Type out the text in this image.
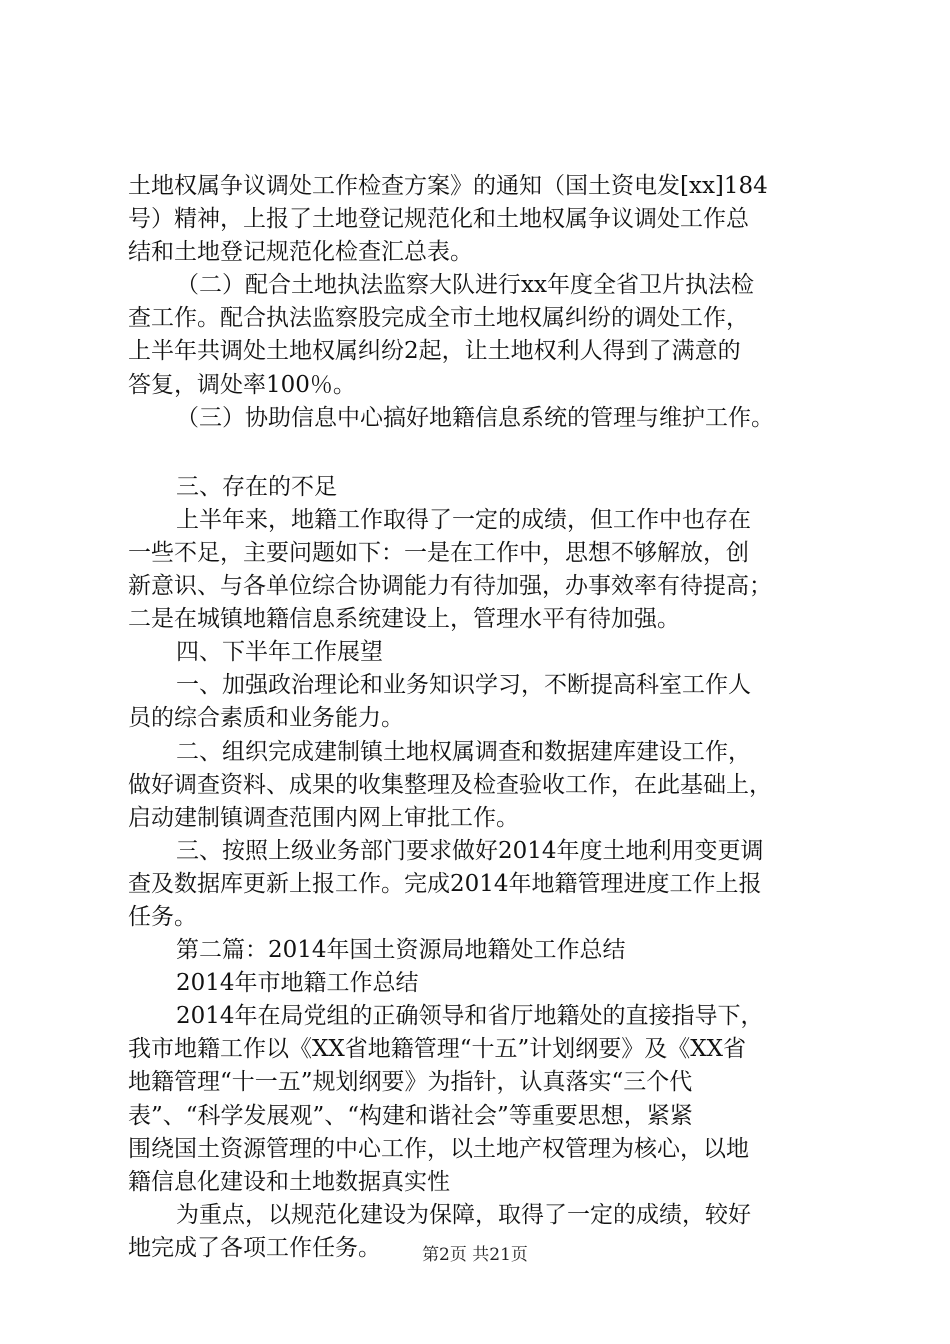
土地权属争议调处工作检查方案》的通知（国土资电发[xx]184
号）精神，上报了土地登记规范化和土地权属争议调处工作总
结和土地登记规范化检查汇总表。
（二）配合土地执法监察大队进行xx年度全省卫片执法检
查工作。配合执法监察股完成全市土地权属纠纷的调处工作，
上半年共调处土地权属纠纷2起，让土地权利人得到了满意的
答复，调处率100％。
（三）协助信息中心搞好地籍信息系统的管理与维护工作。
三、存在的不足
上半年来，地籍工作取得了一定的成绩，但工作中也存在
一些不足，主要问题如下：一是在工作中，思想不够解放，创
新意识、与各单位综合协调能力有待加强，办事效率有待提高；
二是在城镇地籍信息系统建设上，管理水平有待加强。
四、下半年工作展望
一、加强政治理论和业务知识学习，不断提高科室工作人
员的综合素质和业务能力。
二、组织完成建制镇土地权属调查和数据建库建设工作，
做好调查资料、成果的收集整理及检查验收工作，在此基础上，
启动建制镇调查范围内网上审批工作。
三、按照上级业务部门要求做好2014年度土地利用变更调
查及数据库更新上报工作。完成2014年地籍管理进度工作上报
任务。
第二篇：2014年国土资源局地籍处工作总结
2014年市地籍工作总结
2014年在局党组的正确领导和省厅地籍处的直接指导下，
我市地籍工作以《XX省地籍管理“十五”计划纲要》及《XX省
地籍管理“十一五”规划纲要》为指针，认真落实“三个代
表”、“科学发展观”、“构建和谐社会”等重要思想，紧紧
围绕国土资源管理的中心工作，以土地产权管理为核心，以地
籍信息化建设和土地数据真实性
为重点，以规范化建设为保障，取得了一定的成绩，较好
地完成了各项工作任务。	第2页 共21页
